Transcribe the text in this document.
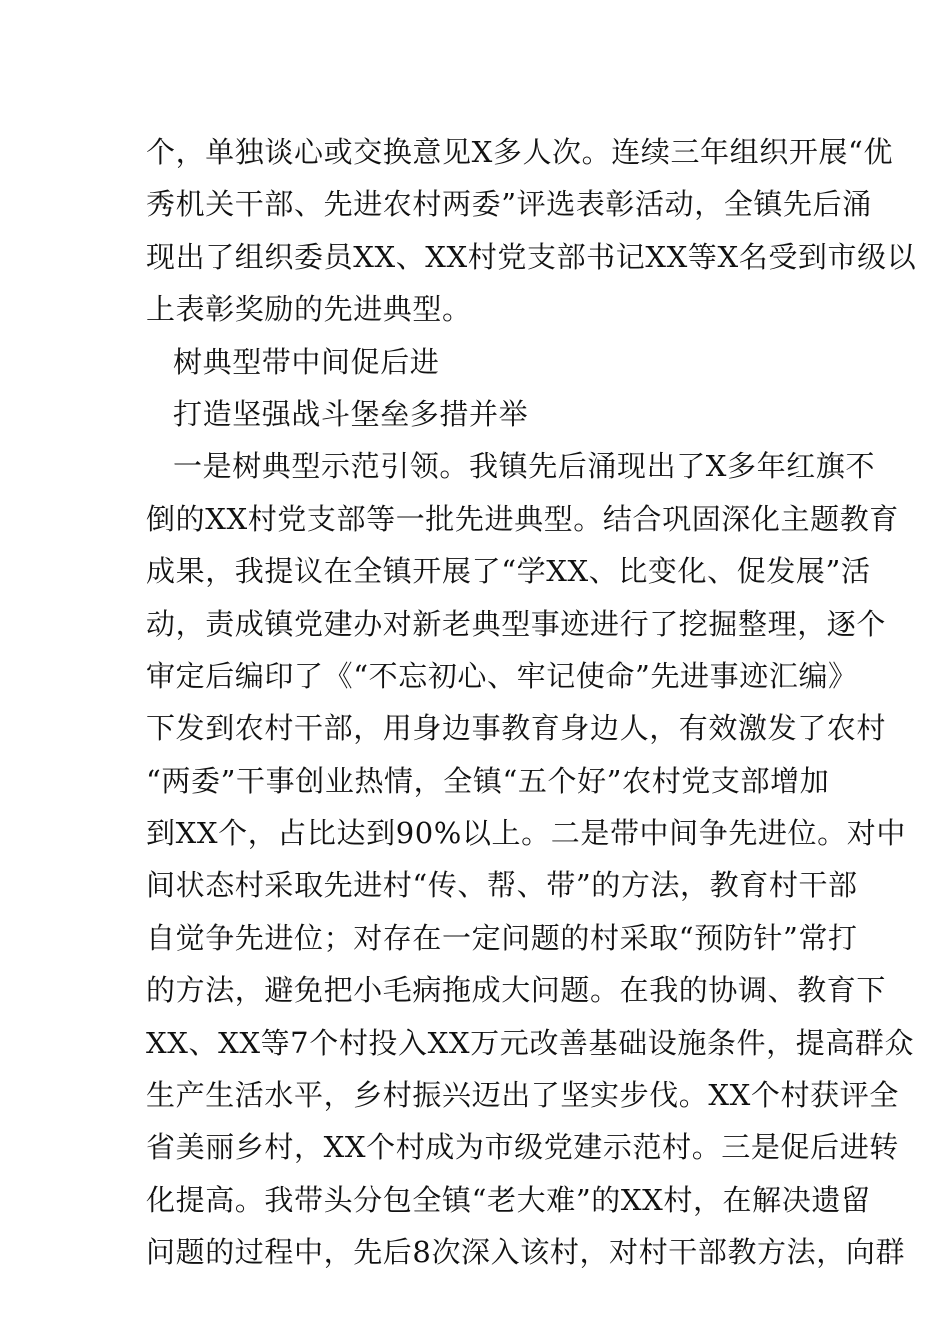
个，单独谈心或交换意见X多人次。连续三年组织开展“优
秀机关干部、先进农村两委”评选表彰活动，全镇先后涌
现出了组织委员XX、XX村党支部书记XX等X名受到市级以
上表彰奖励的先进典型。
树典型带中间促后进
打造坚强战斗堡垒多措并举
一是树典型示范引领。我镇先后涌现出了X多年红旗不
倒的XX村党支部等一批先进典型。结合巩固深化主题教育
成果，我提议在全镇开展了“学XX、比变化、促发展”活
动，责成镇党建办对新老典型事迹进行了挖掘整理，逐个
审定后编印了《“不忘初心、牢记使命”先进事迹汇编》
下发到农村干部，用身边事教育身边人，有效激发了农村
“两委”干事创业热情，全镇“五个好”农村党支部增加
到XX个，占比达到90%以上。二是带中间争先进位。对中
间状态村采取先进村“传、帮、带”的方法，教育村干部
自觉争先进位；对存在一定问题的村采取“预防针”常打
的方法，避免把小毛病拖成大问题。在我的协调、教育下
XX、XX等7个村投入XX万元改善基础设施条件，提高群众
生产生活水平，乡村振兴迈出了坚实步伐。XX个村获评全
省美丽乡村，XX个村成为市级党建示范村。三是促后进转
化提高。我带头分包全镇“老大难”的XX村，在解决遗留
问题的过程中，先后8次深入该村，对村干部教方法，向群
